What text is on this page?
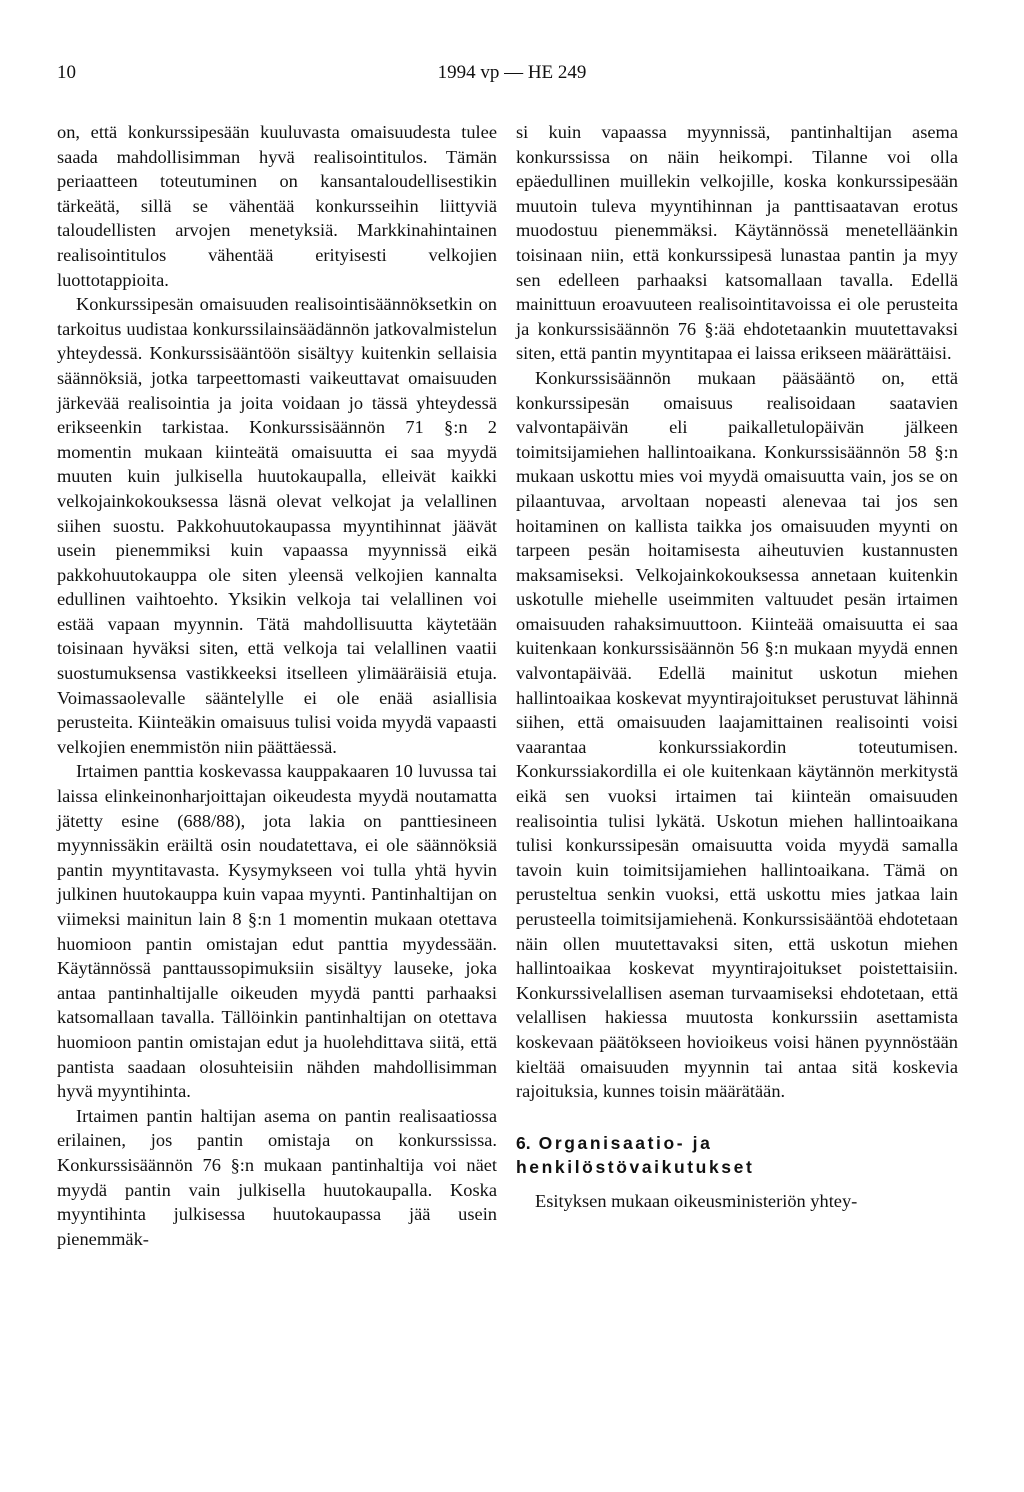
10	1994 vp — HE 249

on, että konkurssipesään kuuluvasta omaisuudesta tulee saada mahdollisimman hyvä realisointitulos. Tämän periaatteen toteutuminen on kansantaloudellisestikin tärkeätä, sillä se vähentää konkursseihin liittyviä taloudellisten arvojen menetyksiä. Markkinahintainen realisointitulos vähentää erityisesti velkojien luottotappioita.

Konkurssipesän omaisuuden realisointisäännöksetkin on tarkoitus uudistaa konkurssilainsäädännön jatkovalmistelun yhteydessä. Konkurssisääntöön sisältyy kuitenkin sellaisia säännöksiä, jotka tarpeettomasti vaikeuttavat omaisuuden järkevää realisointia ja joita voidaan jo tässä yhteydessä erikseenkin tarkistaa. Konkurssisäännön 71 §:n 2 momentin mukaan kiinteätä omaisuutta ei saa myydä muuten kuin julkisella huutokaupalla, elleivät kaikki velkojainkokouksessa läsnä olevat velkojat ja velallinen siihen suostu. Pakkohuutokaupassa myyntihinnat jäävät usein pienemmiksi kuin vapaassa myynnissä eikä pakkohuutokauppa ole siten yleensä velkojien kannalta edullinen vaihtoehto. Yksikin velkoja tai velallinen voi estää vapaan myynnin. Tätä mahdollisuutta käytetään toisinaan hyväksi siten, että velkoja tai velallinen vaatii suostumuksensa vastikkeeksi itselleen ylimääräisiä etuja. Voimassaolevalle sääntelylle ei ole enää asiallisia perusteita. Kiinteäkin omaisuus tulisi voida myydä vapaasti velkojien enemmistön niin päättäessä.

Irtaimen panttia koskevassa kauppakaaren 10 luvussa tai laissa elinkeinonharjoittajan oikeudesta myydä noutamatta jätetty esine (688/88), jota lakia on panttiesineen myynnissäkin eräiltä osin noudatettava, ei ole säännöksiä pantin myyntitavasta. Kysymykseen voi tulla yhtä hyvin julkinen huutokauppa kuin vapaa myynti. Pantinhaltijan on viimeksi mainitun lain 8 §:n 1 momentin mukaan otettava huomioon pantin omistajan edut panttia myydessään. Käytännössä panttaussopimuksiin sisältyy lauseke, joka antaa pantinhaltijalle oikeuden myydä pantti parhaaksi katsomallaan tavalla. Tällöinkin pantinhaltijan on otettava huomioon pantin omistajan edut ja huolehdittava siitä, että pantista saadaan olosuhteisiin nähden mahdollisimman hyvä myyntihinta.

Irtaimen pantin haltijan asema on pantin realisaatiossa erilainen, jos pantin omistaja on konkurssissa. Konkurssisäännön 76 §:n mukaan pantinhaltija voi näet myydä pantin vain julkisella huutokaupalla. Koska myyntihinta julkisessa huutokaupassa jää usein pienemmäk-

si kuin vapaassa myynnissä, pantinhaltijan asema konkurssissa on näin heikompi. Tilanne voi olla epäedullinen muillekin velkojille, koska konkurssipesään muutoin tuleva myyntihinnan ja panttisaatavan erotus muodostuu pienemmäksi. Käytännössä menetelläänkin toisinaan niin, että konkurssipesä lunastaa pantin ja myy sen edelleen parhaaksi katsomallaan tavalla. Edellä mainittuun eroavuuteen realisointitavoissa ei ole perusteita ja konkurssisäännön 76 §:ää ehdotetaankin muutettavaksi siten, että pantin myyntitapaa ei laissa erikseen määrättäisi.

Konkurssisäännön mukaan pääsääntö on, että konkurssipesän omaisuus realisoidaan saatavien valvontapäivän eli paikalletulopäivän jälkeen toimitsijamiehen hallintoaikana. Konkurssisäännön 58 §:n mukaan uskottu mies voi myydä omaisuutta vain, jos se on pilaantuvaa, arvoltaan nopeasti alenevaa tai jos sen hoitaminen on kallista taikka jos omaisuuden myynti on tarpeen pesän hoitamisesta aiheutuvien kustannusten maksamiseksi. Velkojainkokouksessa annetaan kuitenkin uskotulle miehelle useimmiten valtuudet pesän irtaimen omaisuuden rahaksimuuttoon. Kiinteää omaisuutta ei saa kuitenkaan konkurssisäännön 56 §:n mukaan myydä ennen valvontapäivää. Edellä mainitut uskotun miehen hallintoaikaa koskevat myyntirajoitukset perustuvat lähinnä siihen, että omaisuuden laajamittainen realisointi voisi vaarantaa konkurssiakordin toteutumisen. Konkurssiakordilla ei ole kuitenkaan käytännön merkitystä eikä sen vuoksi irtaimen tai kiinteän omaisuuden realisointia tulisi lykätä. Uskotun miehen hallintoaikana tulisi konkurssipesän omaisuutta voida myydä samalla tavoin kuin toimitsijamiehen hallintoaikana. Tämä on perusteltua senkin vuoksi, että uskottu mies jatkaa lain perusteella toimitsijamiehenä. Konkurssisääntöä ehdotetaan näin ollen muutettavaksi siten, että uskotun miehen hallintoaikaa koskevat myyntirajoitukset poistettaisiin. Konkurssivelallisen aseman turvaamiseksi ehdotetaan, että velallisen hakiessa muutosta konkurssiin asettamista koskevaan päätökseen hovioikeus voisi hänen pyynnöstään kieltää omaisuuden myynnin tai antaa sitä koskevia rajoituksia, kunnes toisin määrätään.

6. Organisaatio- ja henkilöstövaikutukset

Esityksen mukaan oikeusministeriön yhtey-
